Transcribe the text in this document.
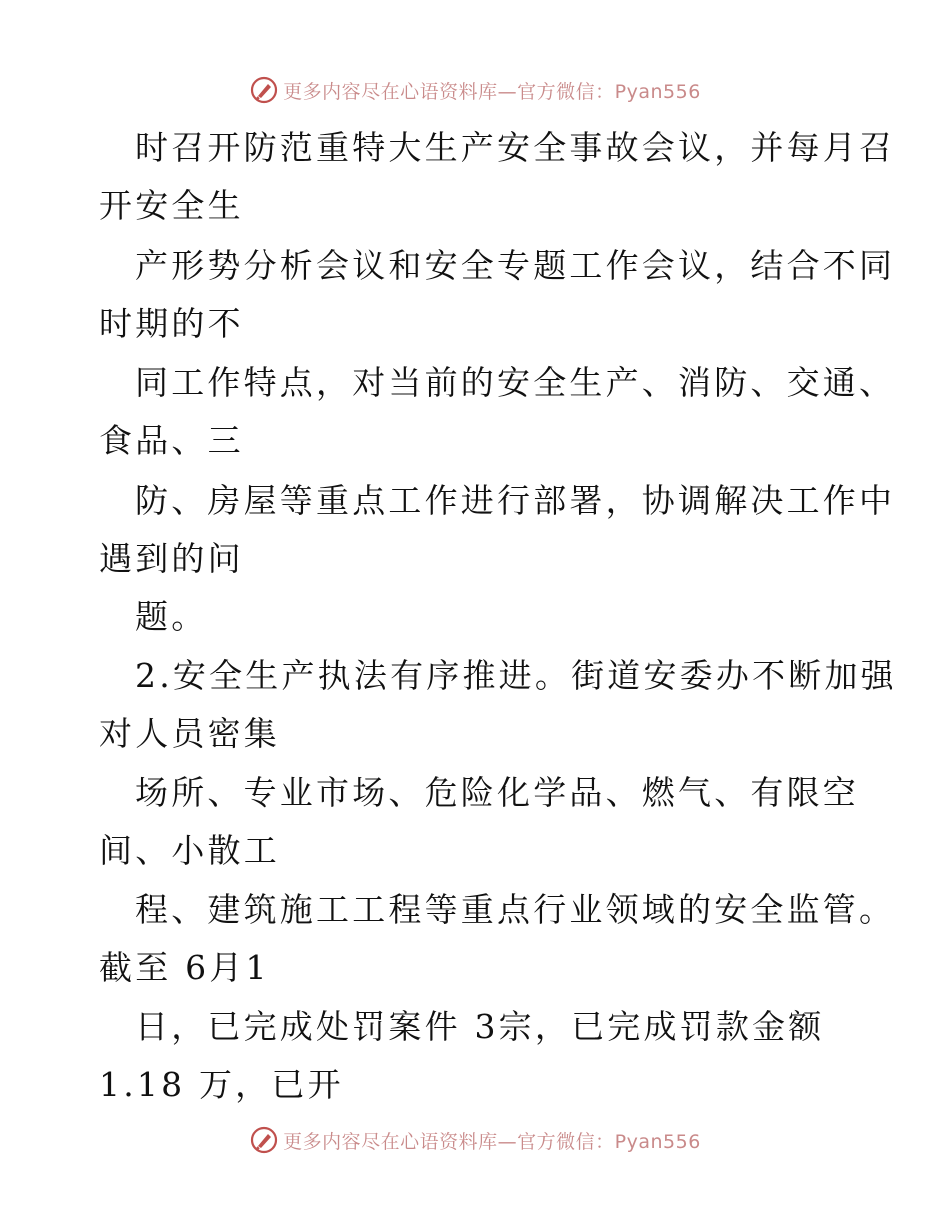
更多内容尽在心语资料库—官方微信：Pyan556
时召开防范重特大生产安全事故会议，并每月召
开安全生
产形势分析会议和安全专题工作会议，结合不同
时期的不
同工作特点，对当前的安全生产、消防、交通、
食品、三
防、房屋等重点工作进行部署，协调解决工作中
遇到的问
题。
2.安全生产执法有序推进。街道安委办不断加强
对人员密集
场所、专业市场、危险化学品、燃气、有限空
间、小散工
程、建筑施工工程等重点行业领域的安全监管。
截至 6月1
日，已完成处罚案件 3宗，已完成罚款金额
1.18 万，已开
更多内容尽在心语资料库—官方微信：Pyan556
